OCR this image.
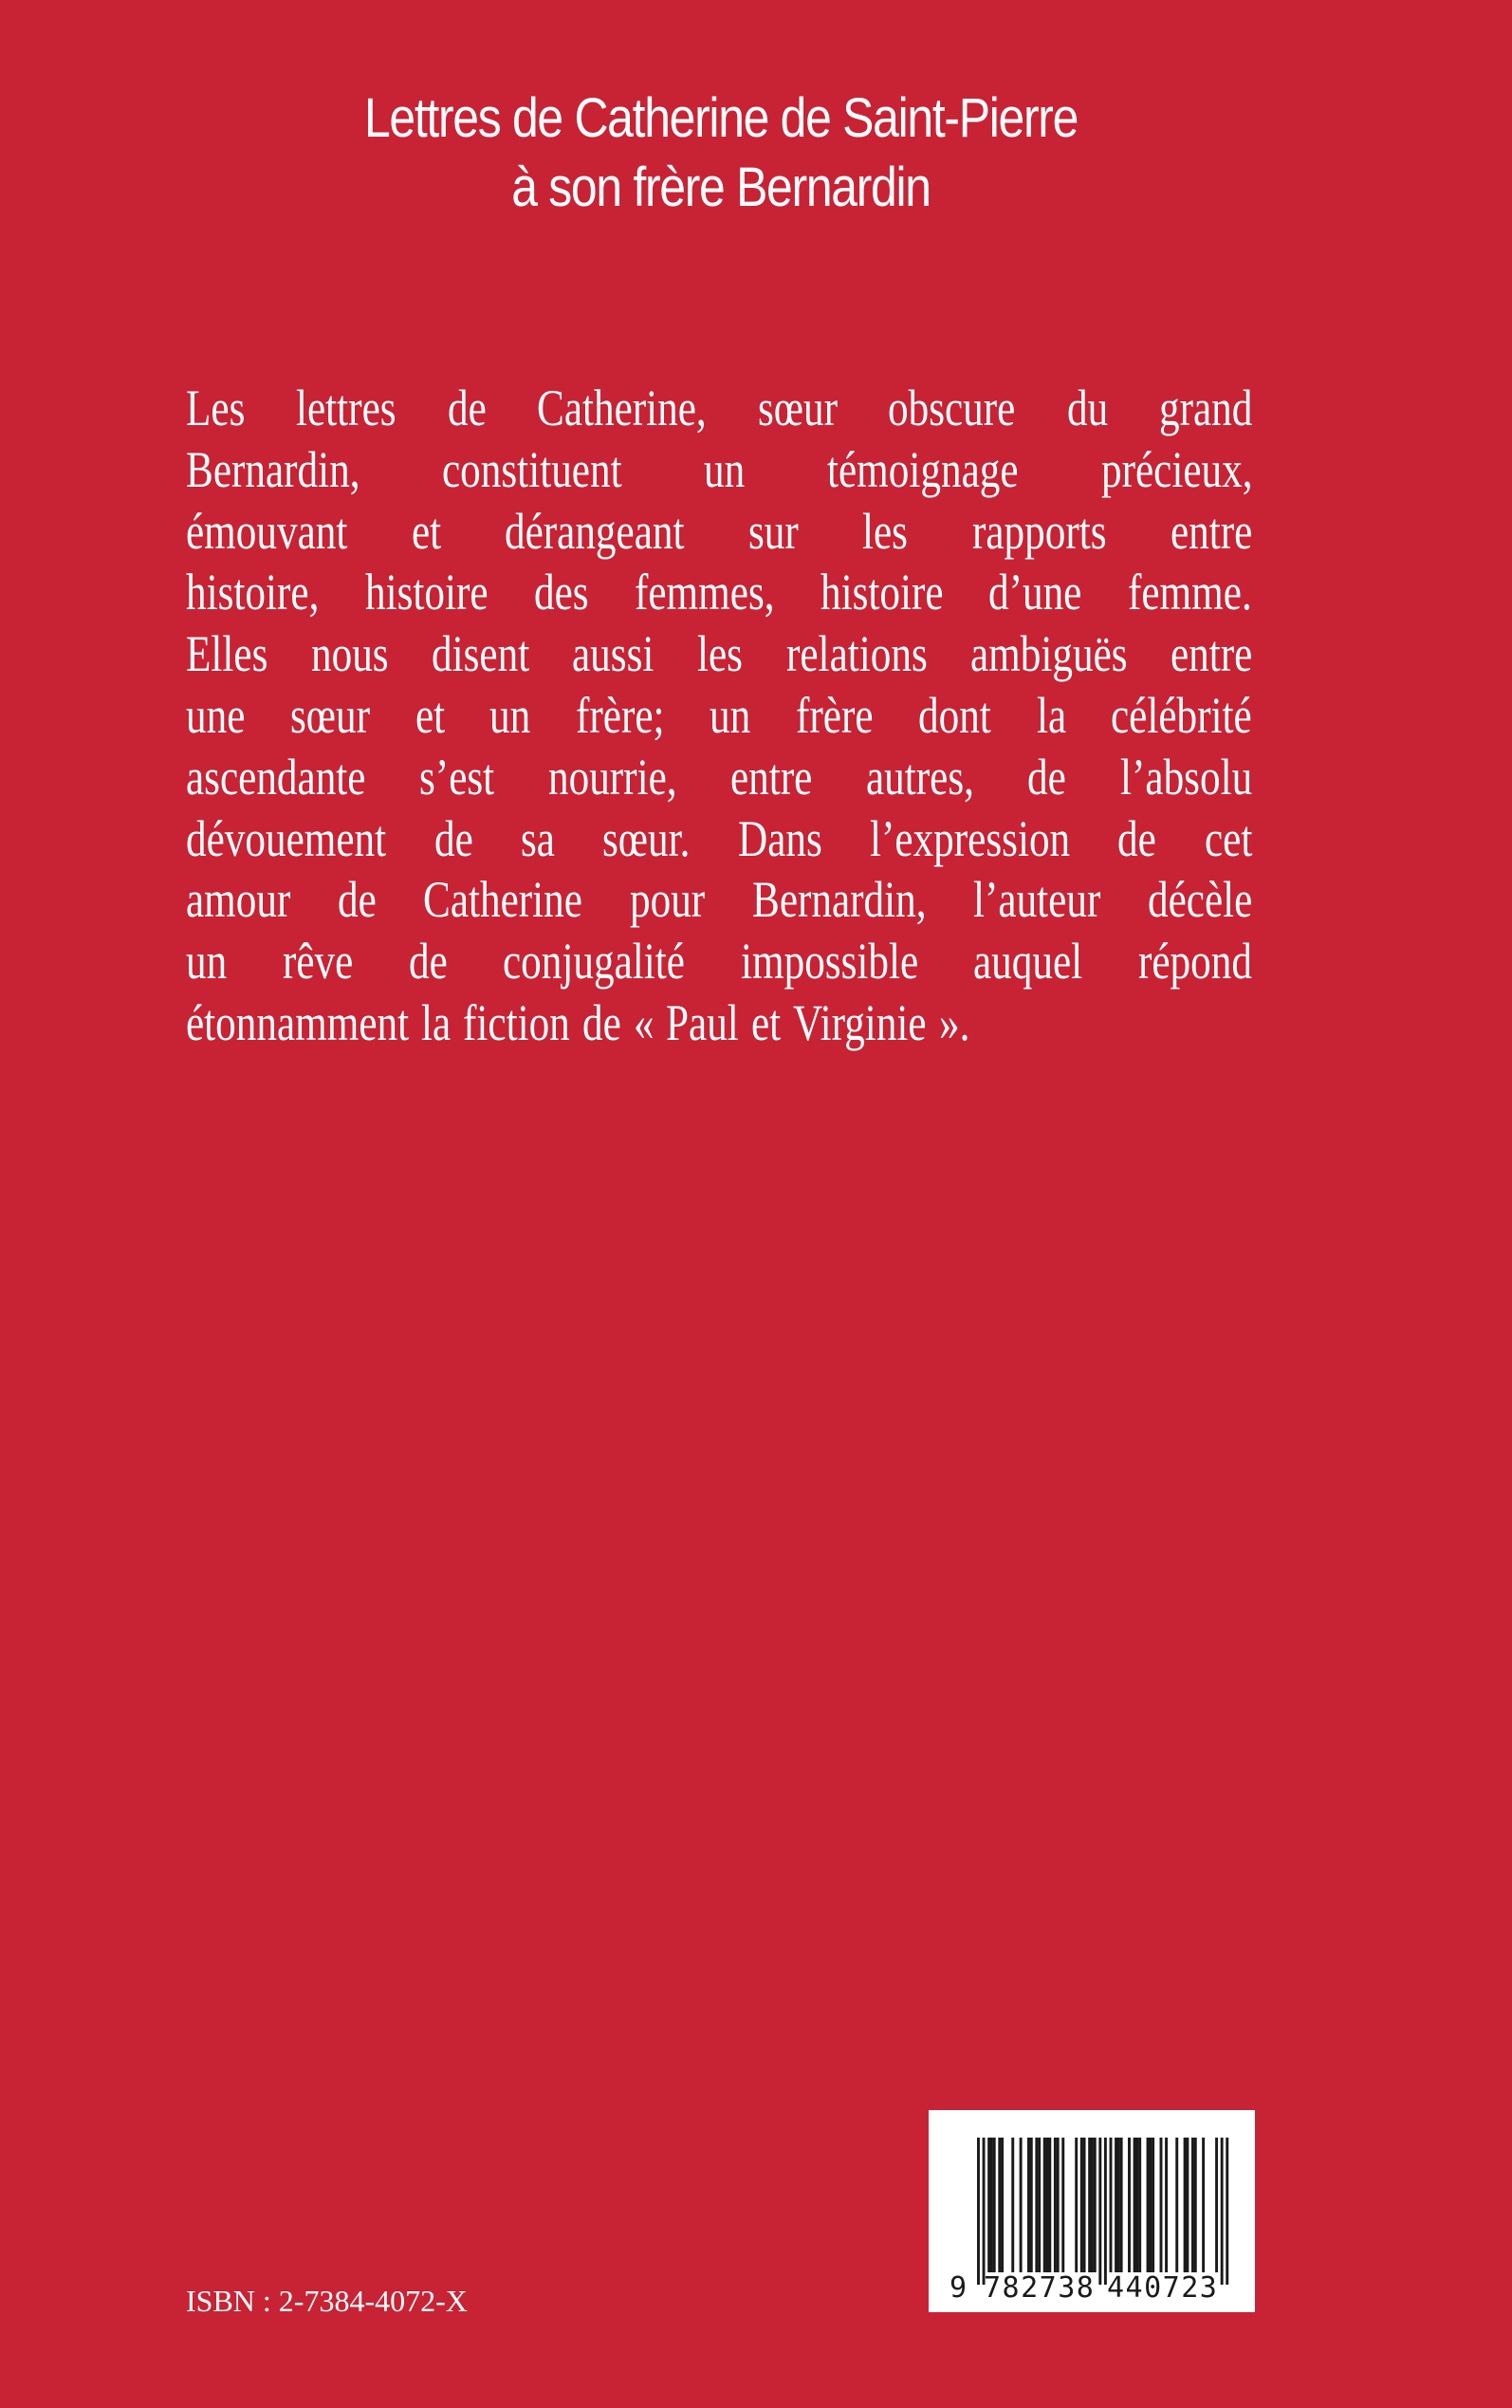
Lettres de Catherine de Saint-Pierre
à son frère Bernardin
Les lettres de Catherine, sœur obscure du grand
Bernardin, constituent un témoignage précieux,
émouvant et dérangeant sur les rapports entre
histoire, histoire des femmes, histoire d’une femme.
Elles nous disent aussi les relations ambiguës entre
une sœur et un frère; un frère dont la célébrité
ascendante s’est nourrie, entre autres, de l’absolu
dévouement de sa sœur. Dans l’expression de cet
amour de Catherine pour Bernardin, l’auteur décèle
un rêve de conjugalité impossible auquel répond
étonnamment la fiction de « Paul et Virginie ».
ISBN : 2-7384-4072-X	9 782738 440723
